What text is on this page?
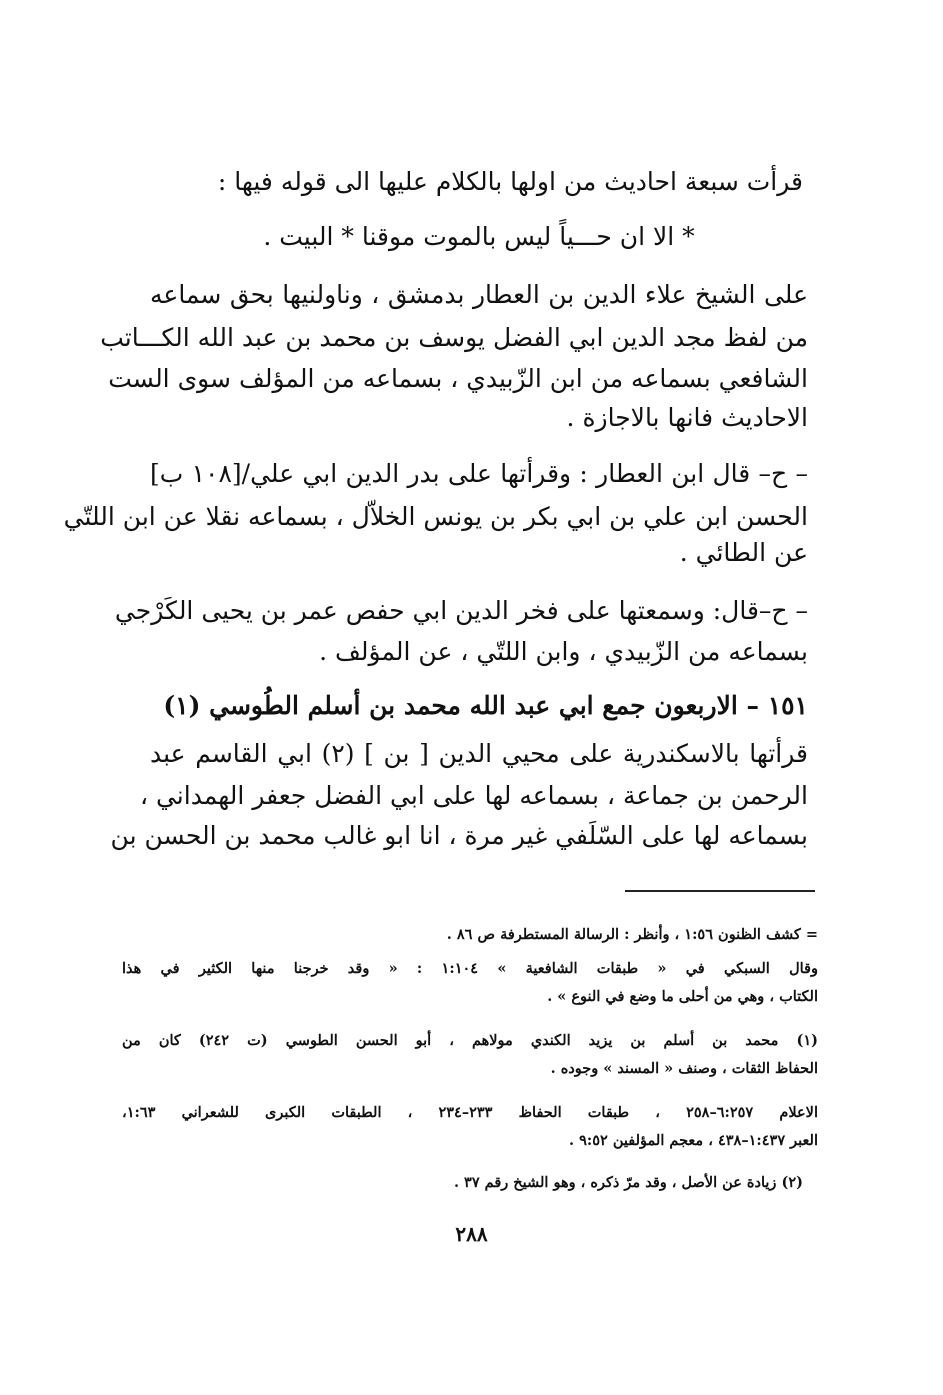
قرأت سبعة احاديث من اولها بالكلام عليها الى قوله فيها :
* الا ان حـــياً ليس بالموت موقنا * البيت .
على الشيخ علاء الدين بن العطار بدمشق ، وناولنيها بحق سماعه
من لفظ مجد الدين ابي الفضل يوسف بن محمد بن عبد الله الكـــاتب
الشافعي بسماعه من ابن الزّبيدي ، بسماعه من المؤلف سوى الست
الاحاديث فانها بالاجازة .
– ح– قال ابن العطار : وقرأتها على بدر الدين ابي علي/[١٠٨ ب]
الحسن ابن علي بن ابي بكر بن يونس الخلاّل ، بسماعه نقلا عن ابن اللتّي
عن الطائي .
– ح–قال: وسمعتها على فخر الدين ابي حفص عمر بن يحيى الكَرْجي
بسماعه من الزّبيدي ، وابن اللتّي ، عن المؤلف .
١٥١ – الاربعون جمع ابي عبد الله محمد بن أسلم الطُوسي (١)
قرأتها بالاسكندرية على محيي الدين [ بن ] (٢) ابي القاسم عبد
الرحمن بن جماعة ، بسماعه لها على ابي الفضل جعفر الهمداني ،
بسماعه لها على السّلَفي غير مرة ، انا ابو غالب محمد بن الحسن بن
= كشف الظنون ١:٥٦ ، وأنظر : الرسالة المستطرفة ص ٨٦ .
وقال السبكي في « طبقات الشافعية » ١:١٠٤ : « وقد خرجنا منها الكثير في هذا
الكتاب ، وهي من أحلى ما وضع في النوع » .
(١) محمد بن أسلم بن يزيد الكندي مولاهم ، أبو الحسن الطوسي (ت ٢٤٢) كان من
الحفاظ الثقات ، وصنف « المسند » وجوده .
الاعلام ٦:٢٥٧–٢٥٨ ، طبقات الحفاظ ٢٣٣–٢٣٤ ، الطبقات الكبرى للشعراني ١:٦٣،
العبر ١:٤٣٧–٤٣٨ ، معجم المؤلفين ٩:٥٢ .
(٢) زيادة عن الأصل ، وقد مرّ ذكره ، وهو الشيخ رقم ٣٧ .
٢٨٨
